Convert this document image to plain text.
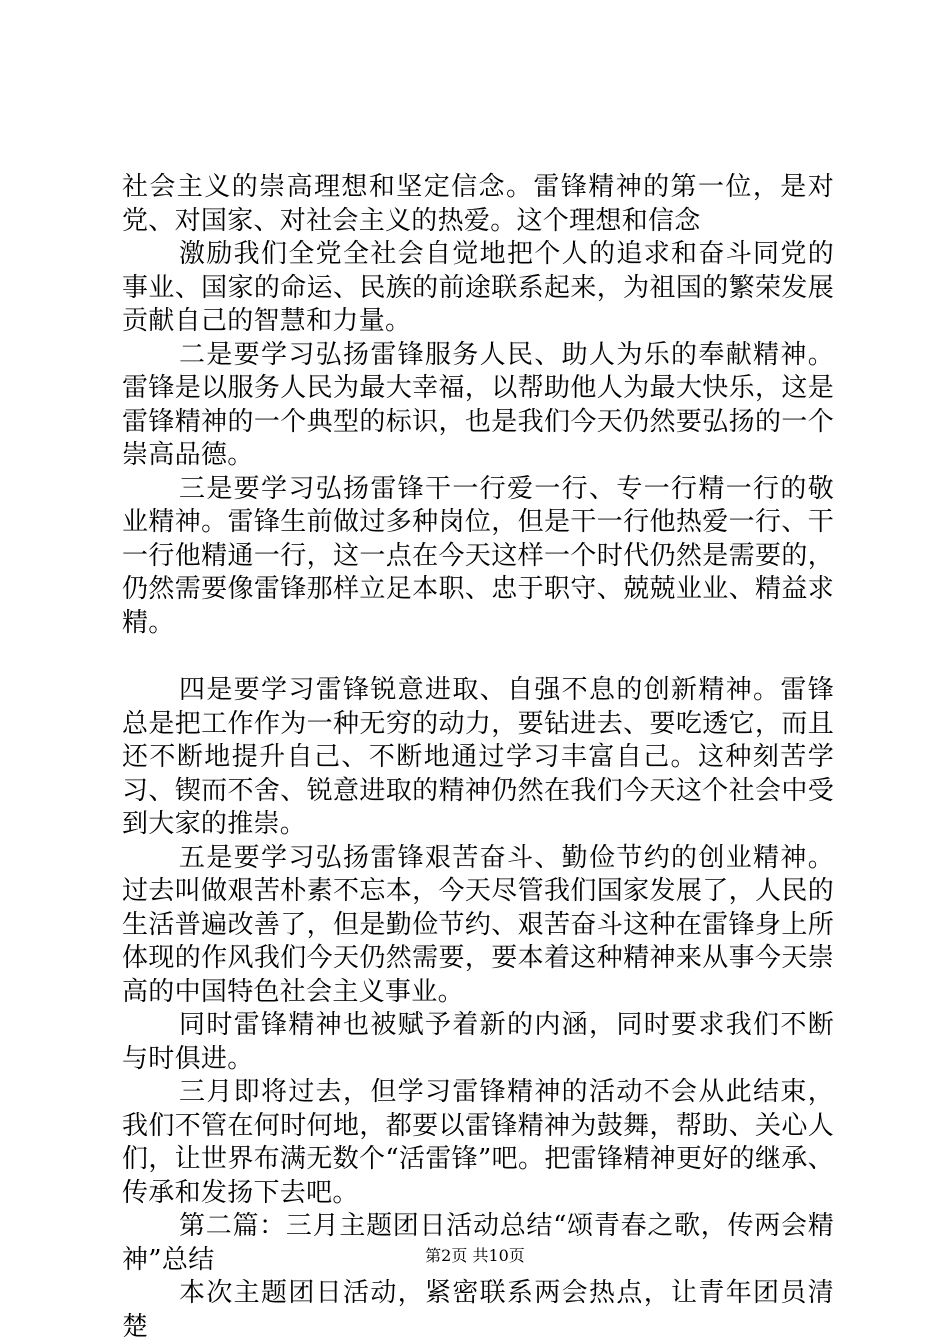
社会主义的崇高理想和坚定信念。雷锋精神的第一位，是对党、对国家、对社会主义的热爱。这个理想和信念

激励我们全党全社会自觉地把个人的追求和奋斗同党的事业、国家的命运、民族的前途联系起来，为祖国的繁荣发展贡献自己的智慧和力量。

二是要学习弘扬雷锋服务人民、助人为乐的奉献精神。雷锋是以服务人民为最大幸福，以帮助他人为最大快乐，这是雷锋精神的一个典型的标识，也是我们今天仍然要弘扬的一个崇高品德。

三是要学习弘扬雷锋干一行爱一行、专一行精一行的敬业精神。雷锋生前做过多种岗位，但是干一行他热爱一行、干一行他精通一行，这一点在今天这样一个时代仍然是需要的，仍然需要像雷锋那样立足本职、忠于职守、兢兢业业、精益求精。

四是要学习雷锋锐意进取、自强不息的创新精神。雷锋总是把工作作为一种无穷的动力，要钻进去、要吃透它，而且还不断地提升自己、不断地通过学习丰富自己。这种刻苦学习、锲而不舍、锐意进取的精神仍然在我们今天这个社会中受到大家的推崇。

五是要学习弘扬雷锋艰苦奋斗、勤俭节约的创业精神。过去叫做艰苦朴素不忘本，今天尽管我们国家发展了，人民的生活普遍改善了，但是勤俭节约、艰苦奋斗这种在雷锋身上所体现的作风我们今天仍然需要，要本着这种精神来从事今天崇高的中国特色社会主义事业。

同时雷锋精神也被赋予着新的内涵，同时要求我们不断与时俱进。

三月即将过去，但学习雷锋精神的活动不会从此结束，我们不管在何时何地，都要以雷锋精神为鼓舞，帮助、关心人们，让世界布满无数个“活雷锋”吧。把雷锋精神更好的继承、传承和发扬下去吧。

第二篇：三月主题团日活动总结“颂青春之歌，传两会精神”总结

本次主题团日活动，紧密联系两会热点，让青年团员清楚

第2页 共10页
